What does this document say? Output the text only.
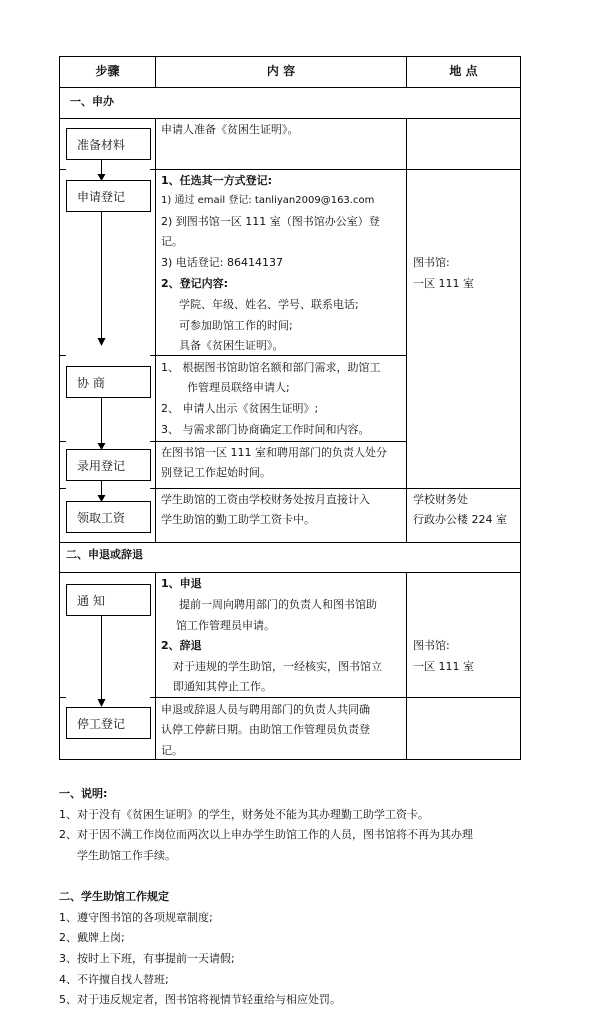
步骤	内 容	地 点
一、申办
准备材料
申请登记
协 商
录用登记
领取工资
通 知
停工登记
申请人准备《贫困生证明》。
1、任选其一方式登记:
1) 通过 email 登记: tanliyan2009@163.com
2) 到图书馆一区 111 室（图书馆办公室）登
记。
3) 电话登记: 86414137
2、登记内容:
学院、年级、姓名、学号、联系电话;
可参加助馆工作的时间;
具备《贫困生证明》。
图书馆:
一区 111 室
1、 根据图书馆助馆名额和部门需求，助馆工
作管理员联络申请人;
2、 申请人出示《贫困生证明》;
3、 与需求部门协商确定工作时间和内容。
在图书馆一区 111 室和聘用部门的负责人处分
别登记工作起始时间。
学生助馆的工资由学校财务处按月直接计入
学生助馆的勤工助学工资卡中。
学校财务处
行政办公楼 224 室
二、申退或辞退
1、申退
提前一周向聘用部门的负责人和图书馆助
馆工作管理员申请。
2、辞退
对于违规的学生助馆，一经核实，图书馆立
即通知其停止工作。
图书馆:
一区 111 室
申退或辞退人员与聘用部门的负责人共同确
认停工停薪日期。由助馆工作管理员负责登
记。
一、说明:
1、对于没有《贫困生证明》的学生，财务处不能为其办理勤工助学工资卡。
2、对于因不满工作岗位而两次以上申办学生助馆工作的人员，图书馆将不再为其办理
学生助馆工作手续。
二、学生助馆工作规定
1、遵守图书馆的各项规章制度;
2、戴牌上岗;
3、按时上下班，有事提前一天请假;
4、不许擅自找人替班;
5、对于违反规定者，图书馆将视情节轻重给与相应处罚。
